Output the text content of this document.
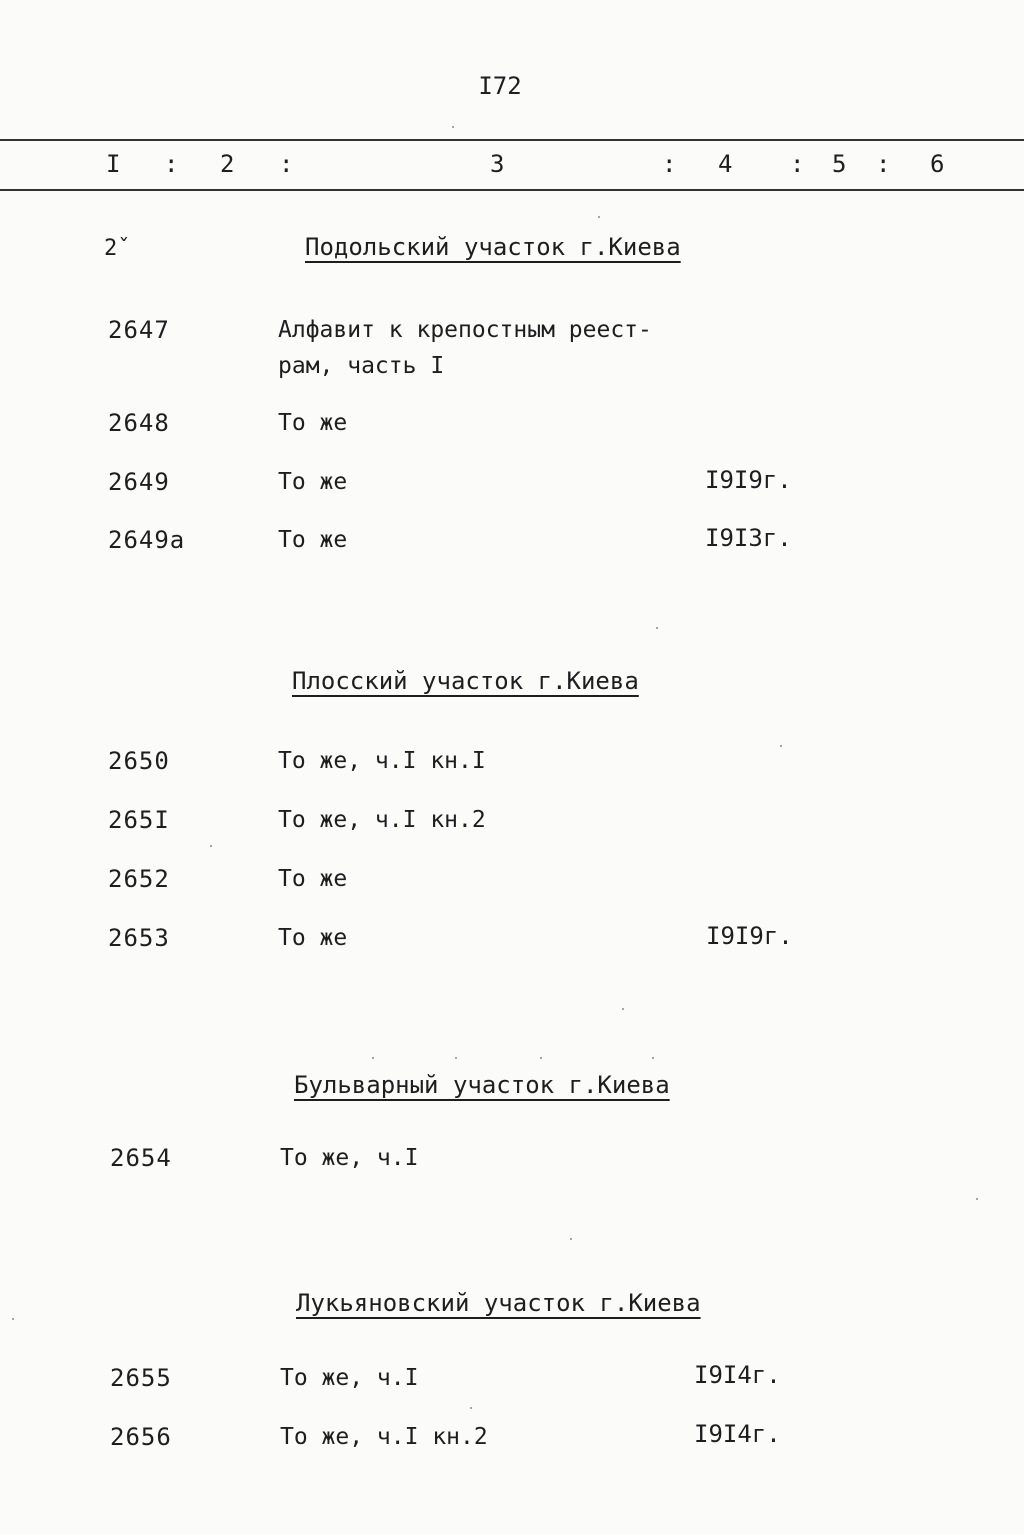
I72
I : 2 :	3	: 4 : 5 : 6
2̌	Подольский участок г.Киева
2647	Алфавит к крепостным реест-
рам, часть I
2648	То же
2649	То же	I9I9г.
2649а	То же	I9I3г.
Плосский участок г.Киева
2650	То же, ч.I кн.I
265I	То же, ч.I кн.2
2652	То же
2653	То же	I9I9г.
Бульварный участок г.Киева
2654	То же, ч.I
Лукьяновский участок г.Киева
2655	То же, ч.I	I9I4г.
2656	То же, ч.I кн.2	I9I4г.
